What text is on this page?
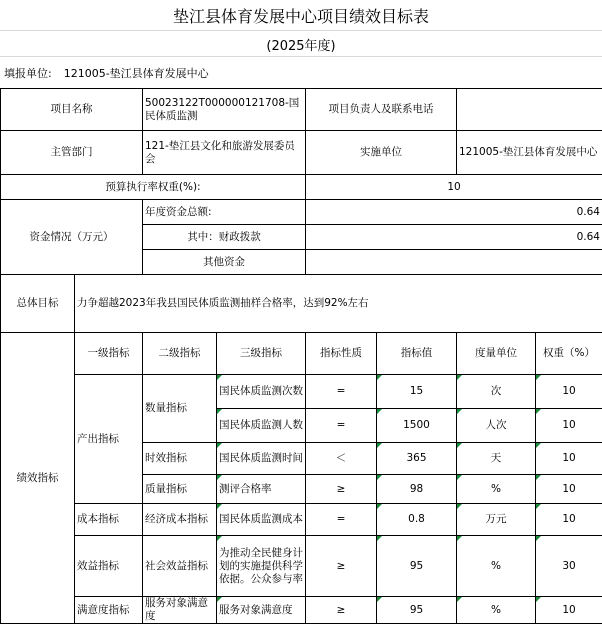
垫江县体育发展中心项目绩效目标表
(2025年度)
填报单位: 121005-垫江县体育发展中心
项目名称		50023122T000000121708-国民体质监测		项目负责人及联系电话			
主管部门		121-垫江县文化和旅游发展委员会		实施单位		121005-垫江县体育发展中心	
预算执行率权重(%):				10			
资金情况（万元）		年度资金总额:		0.64			
		其中：财政拨款		0.64			
		其他资金					
总体目标	力争超越2023年我县国民体质监测抽样合格率，达到92%左右						
绩效指标	一级指标	二级指标	三级指标	指标性质	指标值	度量单位	权重（%）
	产出指标	数量指标	国民体质监测次数	=	15	次	10
			国民体质监测人数	=	1500	人次	10
		时效指标	国民体质监测时间	＜	365	天	10
		质量指标	测评合格率	≥	98	%	10
	成本指标	经济成本指标	国民体质监测成本	=	0.8	万元	10
	效益指标	社会效益指标	为推动全民健身计划的实施提供科学依据。公众参与率	≥	95	%	30
	满意度指标	服务对象满意度	服务对象满意度	≥	95	%	10
